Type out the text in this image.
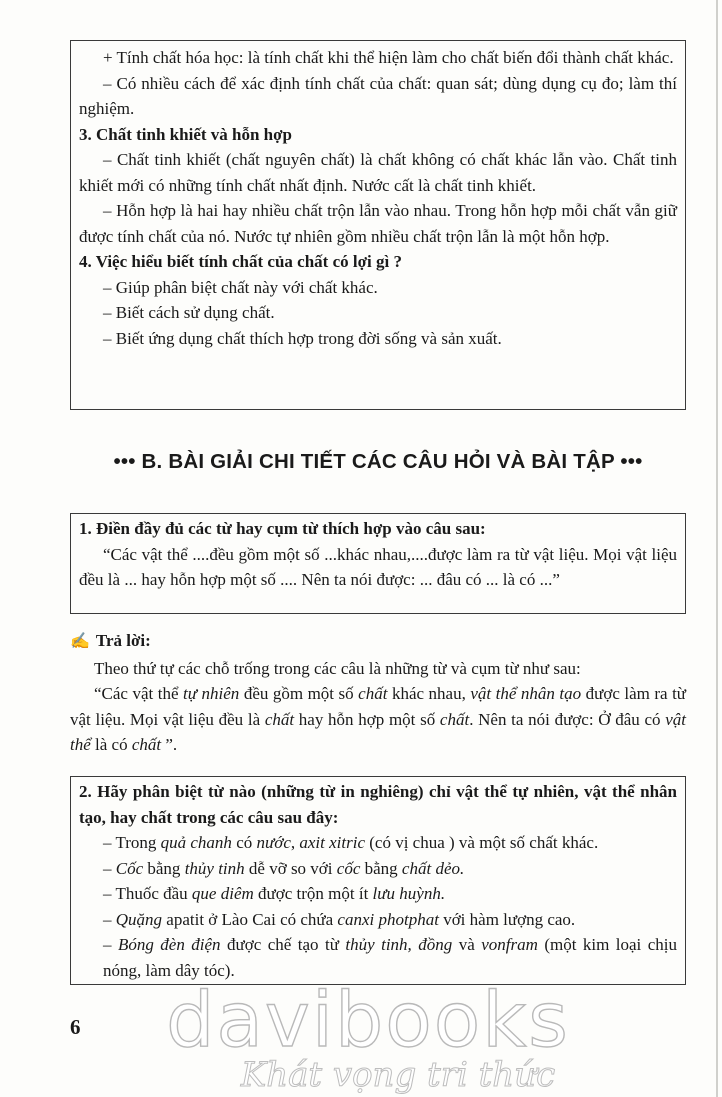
+ Tính chất hóa học: là tính chất khi thể hiện làm cho chất biến đổi thành chất khác.

– Có nhiều cách để xác định tính chất của chất: quan sát; dùng dụng cụ đo; làm thí nghiệm.

3. Chất tinh khiết và hỗn hợp

– Chất tinh khiết (chất nguyên chất) là chất không có chất khác lẫn vào. Chất tinh khiết mới có những tính chất nhất định. Nước cất là chất tinh khiết.

– Hỗn hợp là hai hay nhiều chất trộn lẫn vào nhau. Trong hỗn hợp mỗi chất vẫn giữ được tính chất của nó. Nước tự nhiên gồm nhiều chất trộn lẫn là một hỗn hợp.

4. Việc hiểu biết tính chất của chất có lợi gì ?

– Giúp phân biệt chất này với chất khác.

– Biết cách sử dụng chất.

– Biết ứng dụng chất thích hợp trong đời sống và sản xuất.

••• B. BÀI GIẢI CHI TIẾT CÁC CÂU HỎI VÀ BÀI TẬP •••

1. Điền đầy đủ các từ hay cụm từ thích hợp vào câu sau:

“Các vật thể ....đều gồm một số ...khác nhau,....được làm ra từ vật liệu. Mọi vật liệu đều là ... hay hỗn hợp một số .... Nên ta nói được: ... đâu có ... là có ...”

✍ Trả lời:

Theo thứ tự các chỗ trống trong các câu là những từ và cụm từ như sau:

“Các vật thể tự nhiên đều gồm một số chất khác nhau, vật thể nhân tạo được làm ra từ vật liệu. Mọi vật liệu đều là chất hay hỗn hợp một số chất. Nên ta nói được: Ở đâu có vật thể là có chất ”.

2. Hãy phân biệt từ nào (những từ in nghiêng) chỉ vật thể tự nhiên, vật thể nhân tạo, hay chất trong các câu sau đây:

– Trong quả chanh có nước, axit xitric (có vị chua ) và một số chất khác.

– Cốc bằng thủy tinh dễ vỡ so với cốc bằng chất dẻo.

– Thuốc đầu que diêm được trộn một ít lưu huỳnh.

– Quặng apatit ở Lào Cai có chứa canxi photphat với hàm lượng cao.

– Bóng đèn điện được chế tạo từ thủy tinh, đồng và vonfram (một kim loại chịu nóng, làm dây tóc).

6 davibooks
Khát vọng tri thức
